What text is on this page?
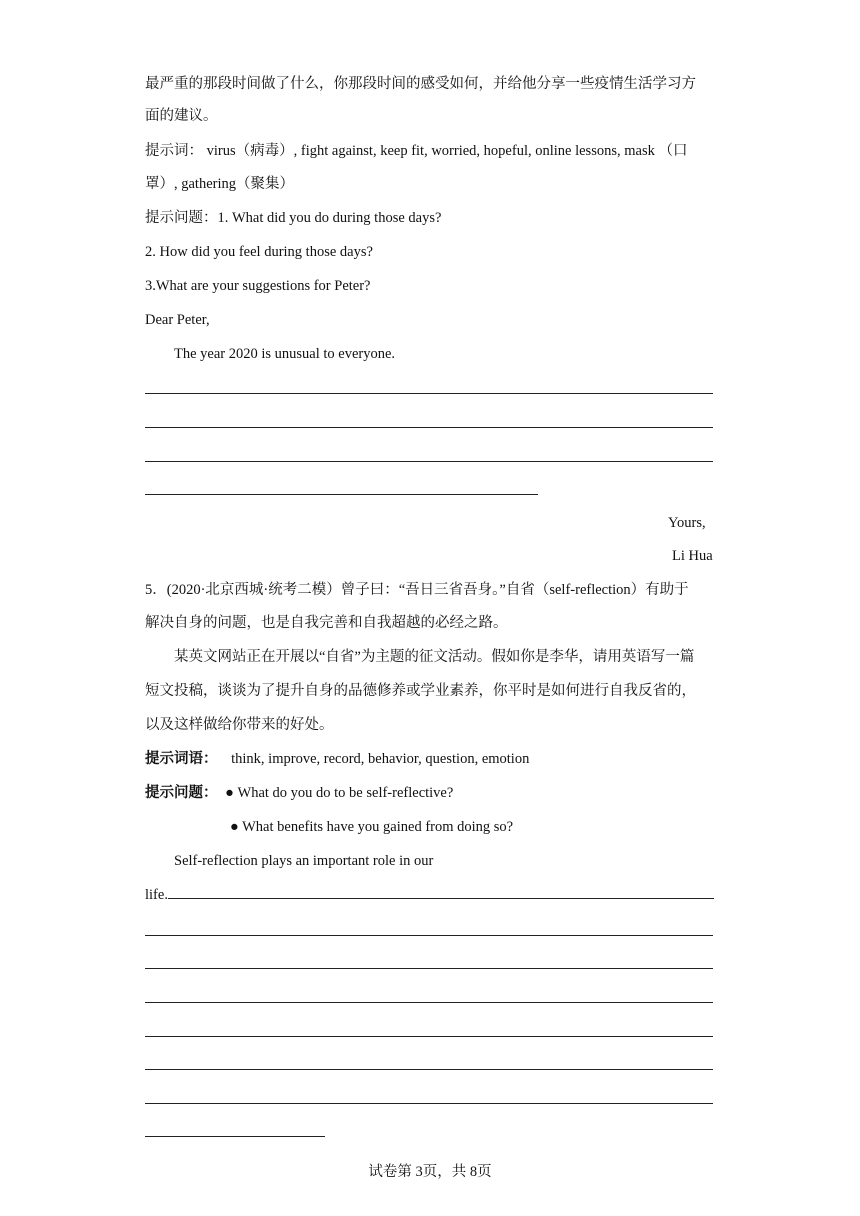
最严重的那段时间做了什么，你那段时间的感受如何，并给他分享一些疫情生活学习方
面的建议。
提示词： virus（病毒）, fight against, keep fit, worried, hopeful, online lessons, mask （口
罩）, gathering（聚集）
提示问题：1. What did you do during those days?
2. How did you feel during those days?
3.What are your suggestions for Peter?
Dear Peter,
The year 2020 is unusual to everyone.
Yours,
Li Hua
5．(2020·北京西城·统考二模）曾子曰：“吾日三省吾身。”自省（self-reflection）有助于
解决自身的问题，也是自我完善和自我超越的必经之路。
某英文网站正在开展以“自省”为主题的征文活动。假如你是李华，请用英语写一篇
短文投稿，谈谈为了提升自身的品德修养或学业素养，你平时是如何进行自我反省的，
以及这样做给你带来的好处。
提示词语： think, improve, record, behavior, question, emotion
提示问题： ● What do you do to be self-reflective?
● What benefits have you gained from doing so?
Self-reflection plays an important role in our
life.
试卷第 3页，共 8页
